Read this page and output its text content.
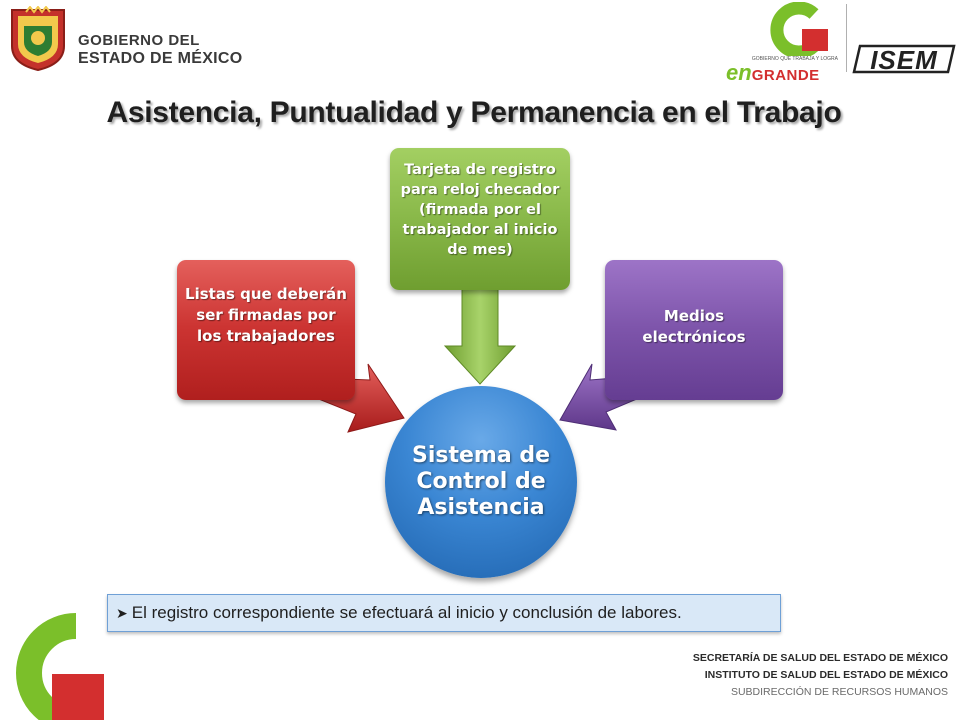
GOBIERNO DEL
ESTADO DE MÉXICO	GOBIERNO QUE TRABAJA Y LOGRA
enGRANDE
ISEM
Asistencia, Puntualidad y Permanencia en el Trabajo
Listas que deberán ser firmadas por los trabajadores
Tarjeta de registro para reloj checador (firmada por el trabajador al inicio de mes)
Medios electrónicos
Sistema de Control de Asistencia
➤ El registro correspondiente se efectuará al inicio y conclusión de labores.
SECRETARÍA DE SALUD DEL ESTADO DE MÉXICO
INSTITUTO DE SALUD DEL ESTADO DE MÉXICO
SUBDIRECCIÓN DE RECURSOS HUMANOS
